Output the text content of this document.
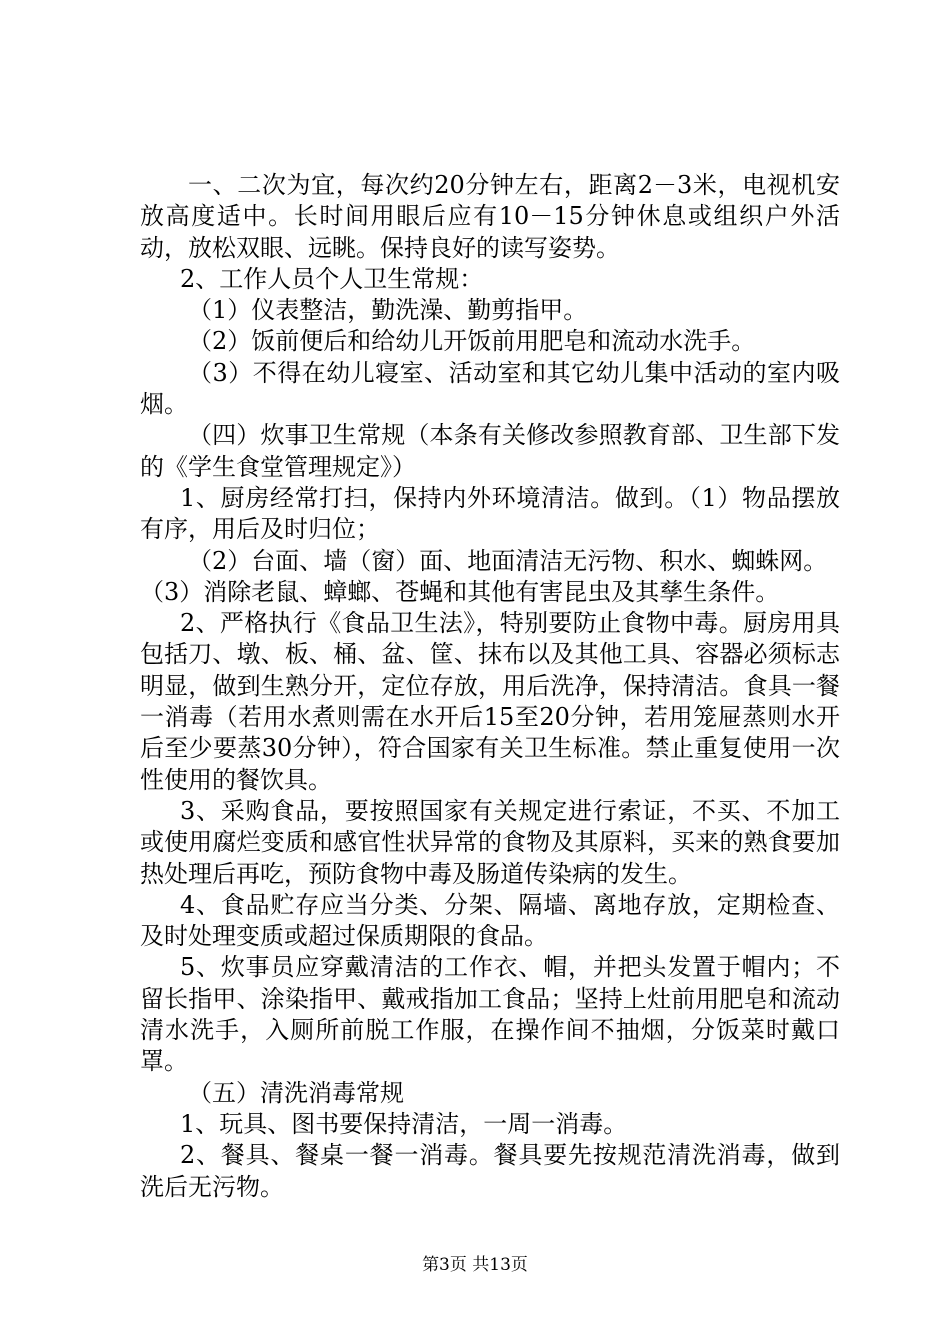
一、二次为宜，每次约20分钟左右，距离2－3米，电视机安放高度适中。长时间用眼后应有10－15分钟休息或组织户外活动，放松双眼、远眺。保持良好的读写姿势。

2、工作人员个人卫生常规：

（1）仪表整洁，勤洗澡、勤剪指甲。

（2）饭前便后和给幼儿开饭前用肥皂和流动水洗手。

（3）不得在幼儿寝室、活动室和其它幼儿集中活动的室内吸烟。

（四）炊事卫生常规（本条有关修改参照教育部、卫生部下发的《学生食堂管理规定》）

1、厨房经常打扫，保持内外环境清洁。做到。（1）物品摆放有序，用后及时归位；

（2）台面、墙（窗）面、地面清洁无污物、积水、蜘蛛网。

（3）消除老鼠、蟑螂、苍蝇和其他有害昆虫及其孳生条件。

2、严格执行《食品卫生法》，特别要防止食物中毒。厨房用具包括刀、墩、板、桶、盆、筐、抹布以及其他工具、容器必须标志明显，做到生熟分开，定位存放，用后洗净，保持清洁。食具一餐一消毒（若用水煮则需在水开后15至20分钟，若用笼屉蒸则水开后至少要蒸30分钟），符合国家有关卫生标准。禁止重复使用一次性使用的餐饮具。

3、采购食品，要按照国家有关规定进行索证，不买、不加工或使用腐烂变质和感官性状异常的食物及其原料，买来的熟食要加热处理后再吃，预防食物中毒及肠道传染病的发生。

4、食品贮存应当分类、分架、隔墙、离地存放，定期检查、及时处理变质或超过保质期限的食品。

5、炊事员应穿戴清洁的工作衣、帽，并把头发置于帽内；不留长指甲、涂染指甲、戴戒指加工食品；坚持上灶前用肥皂和流动清水洗手，入厕所前脱工作服，在操作间不抽烟，分饭菜时戴口罩。

（五）清洗消毒常规

1、玩具、图书要保持清洁，一周一消毒。

2、餐具、餐桌一餐一消毒。餐具要先按规范清洗消毒，做到洗后无污物。

第3页 共13页
